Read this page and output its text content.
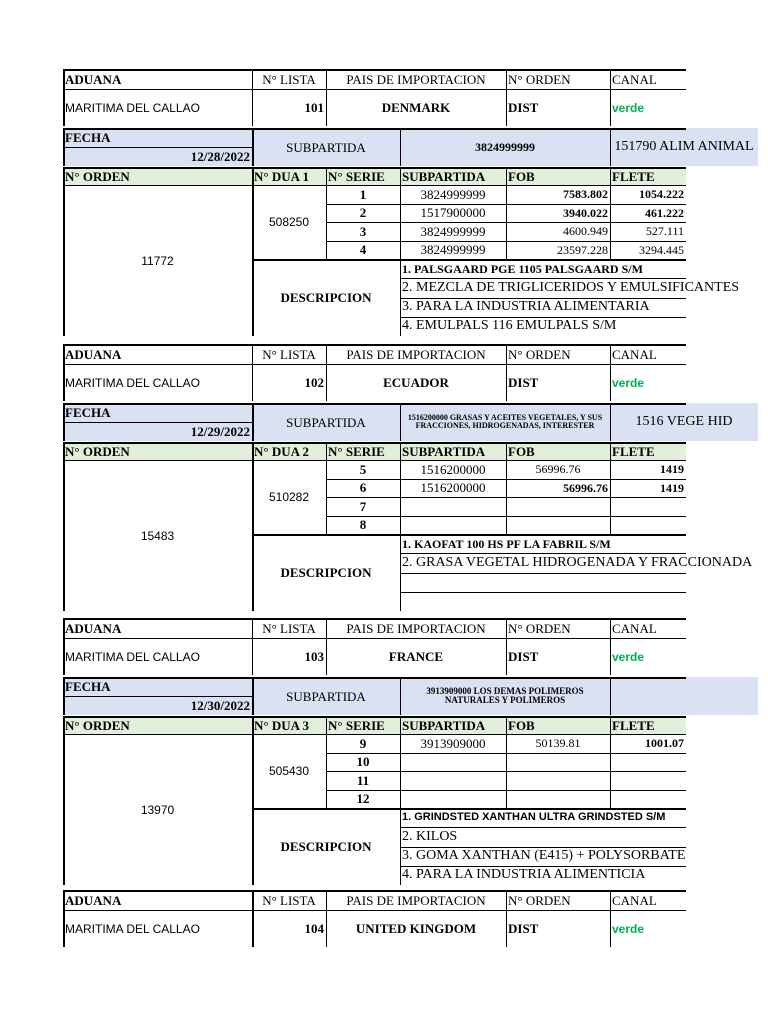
ADUANA	N° LISTA	PAIS DE IMPORTACION	N° ORDEN	CANAL
MARITIMA DEL CALLAO	101	DENMARK	DIST	verde
FECHA
12/28/2022
SUBPARTIDA	3824999999	151790 ALIM ANIMAL
N° ORDEN	N° DUA 1	N° SERIE	SUBPARTIDA	FOB	FLETE
1	3824999999	7583.802	1054.222
2	1517900000	3940.022	461.222
3	3824999999	4600.949	527.111
4	3824999999	23597.228	3294.445
11772
508250
DESCRIPCION
1. PALSGAARD PGE 1105 PALSGAARD S/M
2. MEZCLA DE TRIGLICERIDOS Y EMULSIFICANTES
3. PARA LA INDUSTRIA ALIMENTARIA
4. EMULPALS 116 EMULPALS S/M
ADUANA	N° LISTA	PAIS DE IMPORTACION	N° ORDEN	CANAL
MARITIMA DEL CALLAO	102	ECUADOR	DIST	verde
FECHA
12/29/2022
SUBPARTIDA	1516200000 GRASAS Y ACEITES VEGETALES, Y SUS FRACCIONES, HIDROGENADAS, INTERESTER	1516 VEGE HID
N° ORDEN	N° DUA 2	N° SERIE	SUBPARTIDA	FOB	FLETE
5	1516200000	56996.76	1419
6	1516200000	56996.76	1419
7
8
15483
510282
DESCRIPCION
1. KAOFAT 100 HS PF LA FABRIL S/M
2. GRASA VEGETAL HIDROGENADA Y FRACCIONADA
ADUANA	N° LISTA	PAIS DE IMPORTACION	N° ORDEN	CANAL
MARITIMA DEL CALLAO	103	FRANCE	DIST	verde
FECHA
12/30/2022
SUBPARTIDA	3913909000 LOS DEMAS POLIMEROS NATURALES Y POLIMEROS
N° ORDEN	N° DUA 3	N° SERIE	SUBPARTIDA	FOB	FLETE
9	3913909000	50139.81	1001.07
10
11
12
13970
505430
DESCRIPCION
1. GRINDSTED XANTHAN ULTRA GRINDSTED S/M
2. KILOS
3. GOMA XANTHAN (E415) + POLYSORBATE
4. PARA LA INDUSTRIA ALIMENTICIA
ADUANA	N° LISTA	PAIS DE IMPORTACION	N° ORDEN	CANAL
MARITIMA DEL CALLAO	104	UNITED KINGDOM	DIST	verde
